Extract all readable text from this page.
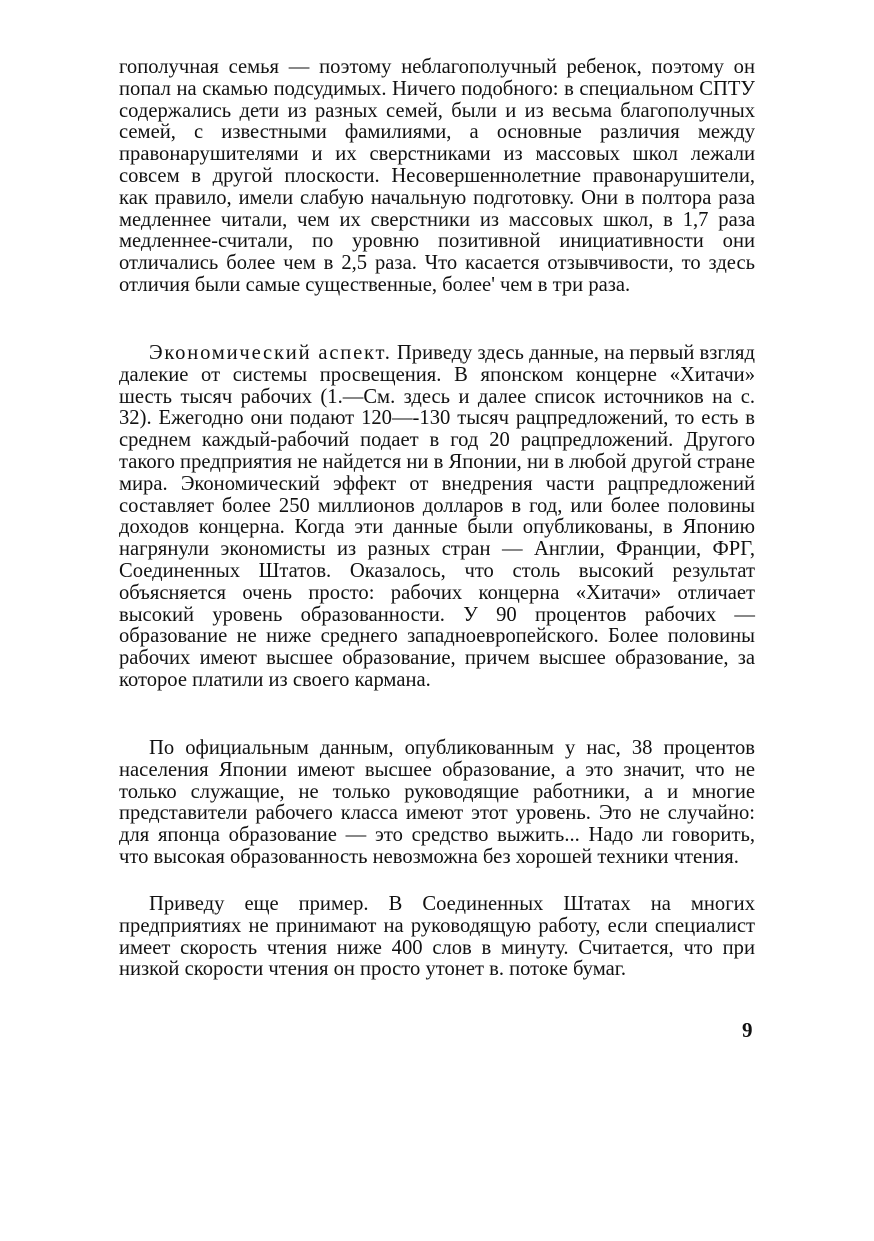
гополучная семья — поэтому неблагополучный ребенок, поэтому он попал на скамью подсудимых. Ничего подобного: в специальном СПТУ содержались дети из разных семей, были и из весьма благополучных семей, с известными фамилиями, а основные различия между правонарушителями и их сверстниками из массовых школ лежали совсем в другой плоскости. Несовершеннолетние правонарушители, как правило, имели слабую начальную подготовку. Они в полтора раза медленнее читали, чем их сверстники из массовых школ, в 1,7 раза медленнее-считали, по уровню позитивной инициативности они отличались более чем в 2,5 раза. Что касается отзывчивости, то здесь отличия были самые существенные, более' чем в три раза.

Экономический аспект. Приведу здесь данные, на первый взгляд далекие от системы просвещения. В японском концерне «Хитачи» шесть тысяч рабочих (1.—См. здесь и далее список источников на с. 32). Ежегодно они подают 120—-130 тысяч рацпредложений, то есть в среднем каждый-рабочий подает в год 20 рацпредложений. Другого такого предприятия не найдется ни в Японии, ни в любой другой стране мира. Экономический эффект от внедрения части рацпредложений составляет более 250 миллионов долларов в год, или более половины доходов концерна. Когда эти данные были опубликованы, в Японию нагрянули экономисты из разных стран — Англии, Франции, ФРГ, Соединенных Штатов. Оказалось, что столь высокий результат объясняется очень просто: рабочих концерна «Хитачи» отличает высокий уровень образованности. У 90 процентов рабочих — образование не ниже среднего западноевропейского. Более половины рабочих имеют высшее образование, причем высшее образование, за которое платили из своего кармана.

По официальным данным, опубликованным у нас, 38 процентов населения Японии имеют высшее образование, а это значит, что не только служащие, не только руководящие работники, а и многие представители рабочего класса имеют этот уровень. Это не случайно: для японца образование — это средство выжить... Надо ли говорить, что высокая образованность невозможна без хорошей техники чтения.

Приведу еще пример. В Соединенных Штатах на многих предприятиях не принимают на руководящую работу, если специалист имеет скорость чтения ниже 400 слов в минуту. Считается, что при низкой скорости чтения он просто утонет в. потоке бумаг.

9
